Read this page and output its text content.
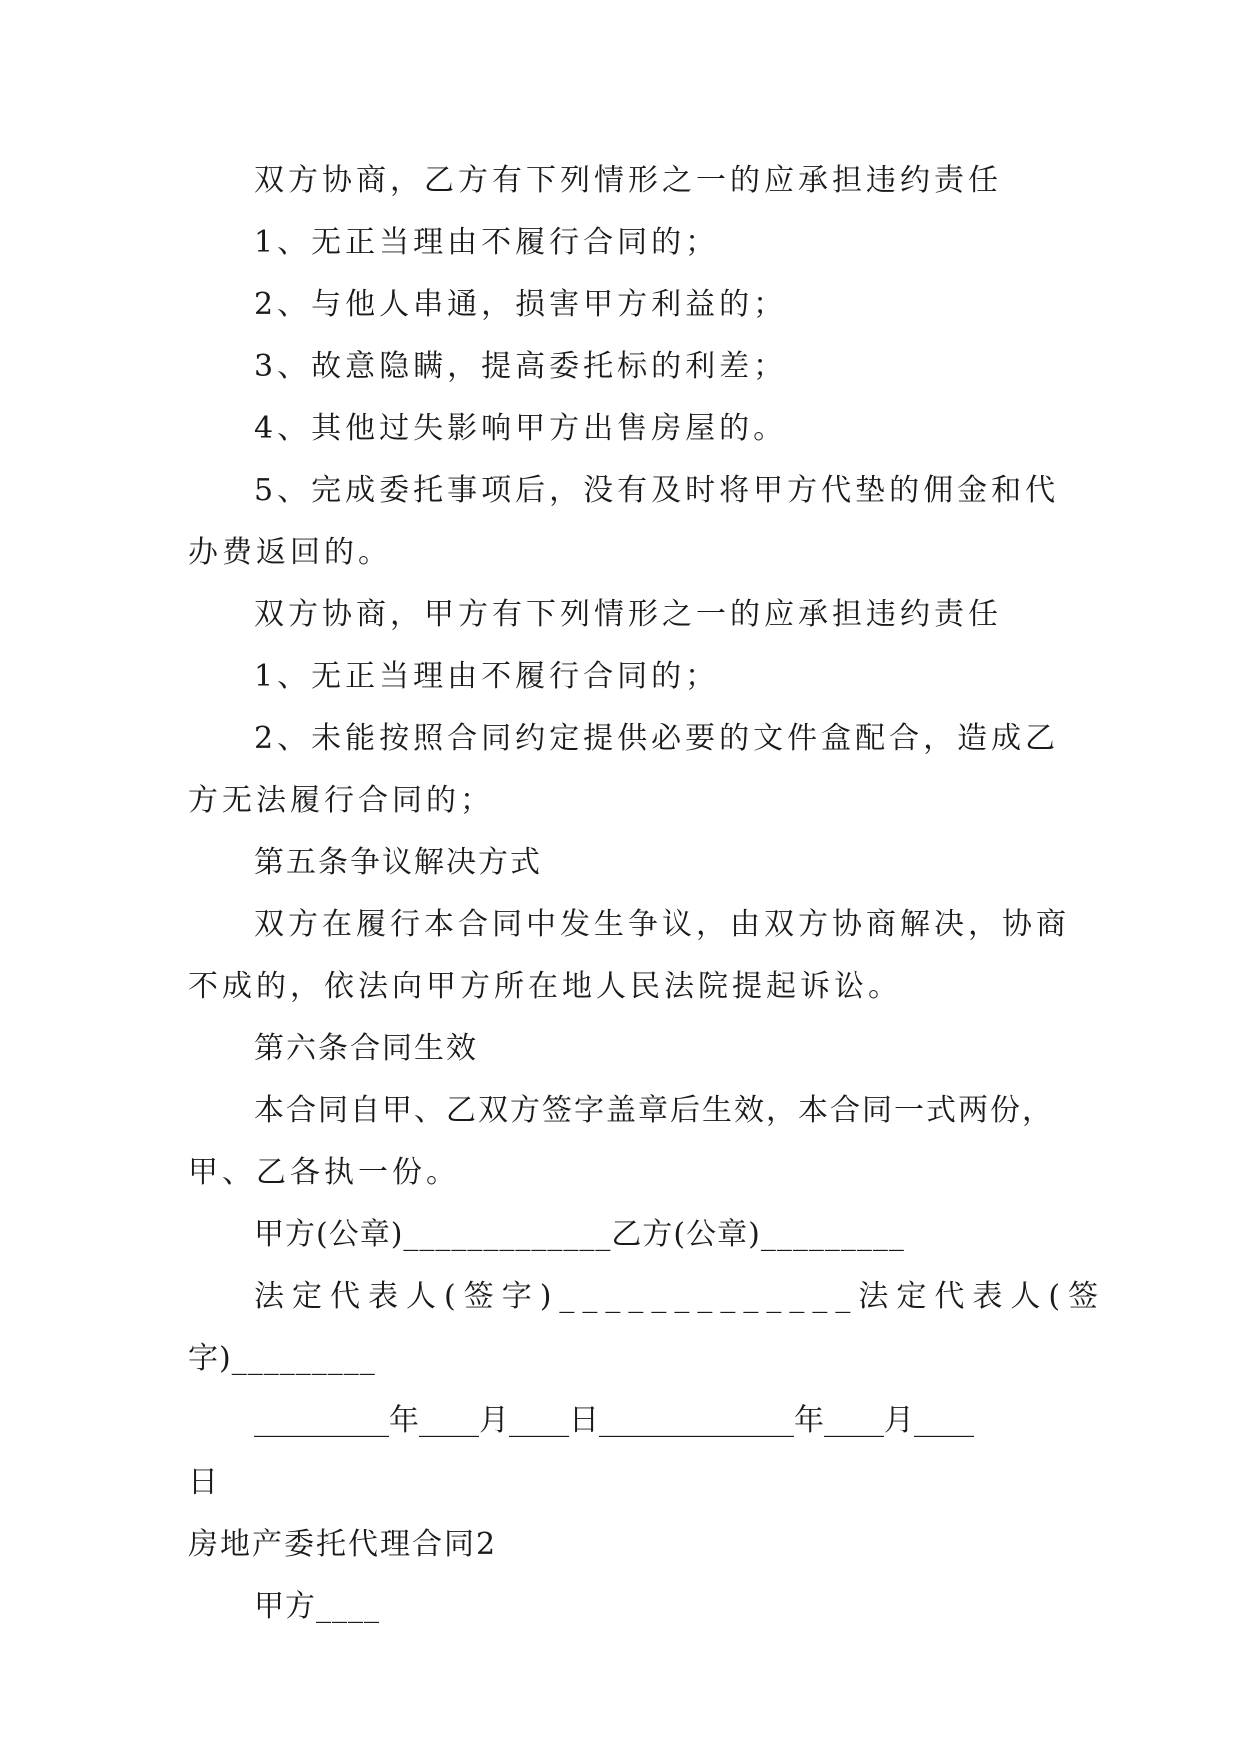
双方协商，乙方有下列情形之一的应承担违约责任
1、无正当理由不履行合同的；
2、与他人串通，损害甲方利益的；
3、故意隐瞒，提高委托标的利差；
4、其他过失影响甲方出售房屋的。
5、完成委托事项后，没有及时将甲方代垫的佣金和代
办费返回的。
双方协商，甲方有下列情形之一的应承担违约责任
1、无正当理由不履行合同的；
2、未能按照合同约定提供必要的文件盒配合，造成乙
方无法履行合同的；
第五条争议解决方式
双方在履行本合同中发生争议，由双方协商解决，协商
不成的，依法向甲方所在地人民法院提起诉讼。
第六条合同生效
本合同自甲、乙双方签字盖章后生效，本合同一式两份，
甲、乙各执一份。
甲方(公章)_____________乙方(公章)_________
法定代表人(签字)_____________法定代表人(签
字)_________
_________年____月____日_____________年____月____
日
房地产委托代理合同2
甲方____
